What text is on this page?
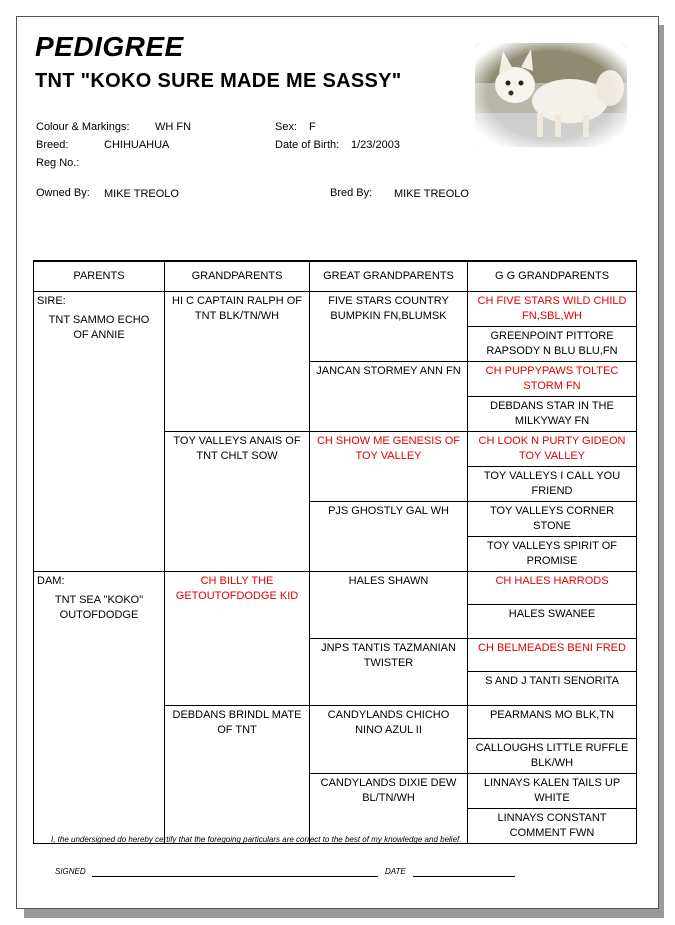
PEDIGREE
TNT "KOKO SURE MADE ME SASSY"
Colour & Markings: WH FN	Sex: F
Breed:	CHIHUAHUA	Date of Birth: 1/23/2003
Reg No.:
Owned By: MIKE TREOLO	Bred By: MIKE TREOLO
PARENTS	GRANDPARENTS	GREAT GRANDPARENTS	G G GRANDPARENTS

SIRE:
TNT SAMMO ECHO OF ANNIE	HI C CAPTAIN RALPH OF TNT BLK/TN/WH	FIVE STARS COUNTRY BUMPKIN FN,BLUMSK	CH FIVE STARS WILD CHILD FN,SBL,WH
			GREENPOINT PITTORE RAPSODY N BLU BLU,FN
		JANCAN STORMEY ANN FN	CH PUPPYPAWS TOLTEC STORM FN
			DEBDANS STAR IN THE MILKYWAY FN
	TOY VALLEYS ANAIS OF TNT CHLT SOW	CH SHOW ME GENESIS OF TOY VALLEY	CH LOOK N PURTY GIDEON TOY VALLEY
			TOY VALLEYS I CALL YOU FRIEND
		PJS GHOSTLY GAL WH	TOY VALLEYS CORNER STONE
			TOY VALLEYS SPIRIT OF PROMISE

DAM:
TNT SEA "KOKO" OUTOFDODGE	CH BILLY THE GETOUTOFDODGE KID	HALES SHAWN	CH HALES HARRODS
			HALES SWANEE
		JNPS TANTIS TAZMANIAN TWISTER	CH BELMEADES BENI FRED
			S AND J TANTI SENORITA
	DEBDANS BRINDL MATE OF TNT	CANDYLANDS CHICHO NINO AZUL II	PEARMANS MO BLK,TN
			CALLOUGHS LITTLE RUFFLE BLK/WH
		CANDYLANDS DIXIE DEW BL/TN/WH	LINNAYS KALEN TAILS UP WHITE
			LINNAYS CONSTANT COMMENT FWN
I, the undersigned do hereby certify that the foregoing particulars are correct to the best of my knowledge and belief.
SIGNED	DATE
